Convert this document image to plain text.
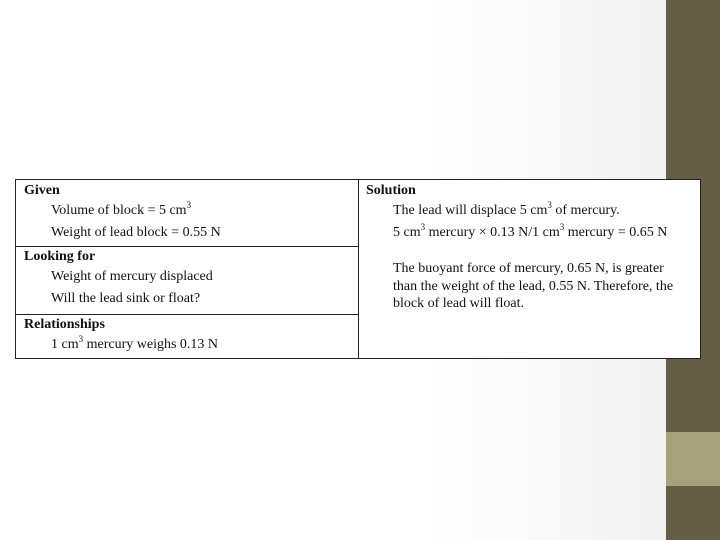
Given
Volume of block = 5 $cm^3$
Weight of lead block = 0.55 N
Looking for
Weight of mercury displaced
Will the lead sink or float?
Relationships
1 $cm^3$ mercury weighs 0.13 N
Solution
The lead will displace 5 $cm^3$ of mercury.
5 $cm^3$ mercury × 0.13 N/1 $cm^3$ mercury = 0.65 N
The buoyant force of mercury, 0.65 N, is greater than the weight of the lead, 0.55 N. Therefore, the block of lead will float.
